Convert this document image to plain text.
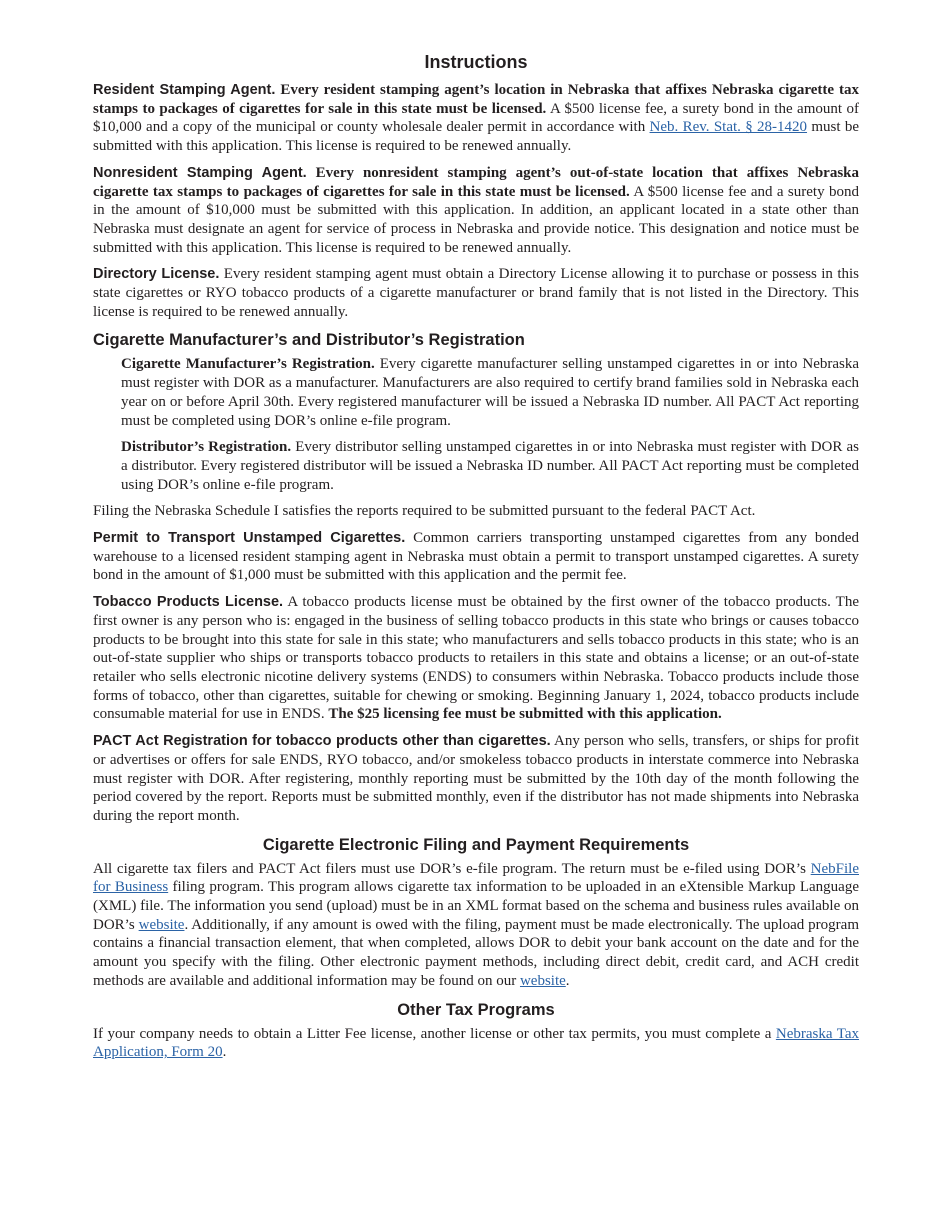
Instructions

Resident Stamping Agent. Every resident stamping agent’s location in Nebraska that affixes Nebraska cigarette tax stamps to packages of cigarettes for sale in this state must be licensed. A $500 license fee, a surety bond in the amount of $10,000 and a copy of the municipal or county wholesale dealer permit in accordance with Neb. Rev. Stat. § 28-1420 must be submitted with this application. This license is required to be renewed annually.

Nonresident Stamping Agent. Every nonresident stamping agent’s out-of-state location that affixes Nebraska cigarette tax stamps to packages of cigarettes for sale in this state must be licensed. A $500 license fee and a surety bond in the amount of $10,000 must be submitted with this application. In addition, an applicant located in a state other than Nebraska must designate an agent for service of process in Nebraska and provide notice. This designation and notice must be submitted with this application. This license is required to be renewed annually.

Directory License. Every resident stamping agent must obtain a Directory License allowing it to purchase or possess in this state cigarettes or RYO tobacco products of a cigarette manufacturer or brand family that is not listed in the Directory. This license is required to be renewed annually.

Cigarette Manufacturer’s and Distributor’s Registration

Cigarette Manufacturer’s Registration. Every cigarette manufacturer selling unstamped cigarettes in or into Nebraska must register with DOR as a manufacturer. Manufacturers are also required to certify brand families sold in Nebraska each year on or before April 30th. Every registered manufacturer will be issued a Nebraska ID number. All PACT Act reporting must be completed using DOR’s online e-file program.

Distributor’s Registration. Every distributor selling unstamped cigarettes in or into Nebraska must register with DOR as a distributor. Every registered distributor will be issued a Nebraska ID number. All PACT Act reporting must be completed using DOR’s online e-file program.

Filing the Nebraska Schedule I satisfies the reports required to be submitted pursuant to the federal PACT Act.

Permit to Transport Unstamped Cigarettes. Common carriers transporting unstamped cigarettes from any bonded warehouse to a licensed resident stamping agent in Nebraska must obtain a permit to transport unstamped cigarettes. A surety bond in the amount of $1,000 must be submitted with this application and the permit fee.

Tobacco Products License. A tobacco products license must be obtained by the first owner of the tobacco products. The first owner is any person who is: engaged in the business of selling tobacco products in this state who brings or causes tobacco products to be brought into this state for sale in this state; who manufacturers and sells tobacco products in this state; who is an out-of-state supplier who ships or transports tobacco products to retailers in this state and obtains a license; or an out-of-state retailer who sells electronic nicotine delivery systems (ENDS) to consumers within Nebraska. Tobacco products include those forms of tobacco, other than cigarettes, suitable for chewing or smoking. Beginning January 1, 2024, tobacco products include consumable material for use in ENDS. The $25 licensing fee must be submitted with this application.

PACT Act Registration for tobacco products other than cigarettes. Any person who sells, transfers, or ships for profit or advertises or offers for sale ENDS, RYO tobacco, and/or smokeless tobacco products in interstate commerce into Nebraska must register with DOR. After registering, monthly reporting must be submitted by the 10th day of the month following the period covered by the report. Reports must be submitted monthly, even if the distributor has not made shipments into Nebraska during the report month.

Cigarette Electronic Filing and Payment Requirements

All cigarette tax filers and PACT Act filers must use DOR’s e-file program. The return must be e-filed using DOR’s NebFile for Business filing program. This program allows cigarette tax information to be uploaded in an eXtensible Markup Language (XML) file. The information you send (upload) must be in an XML format based on the schema and business rules available on DOR’s website. Additionally, if any amount is owed with the filing, payment must be made electronically. The upload program contains a financial transaction element, that when completed, allows DOR to debit your bank account on the date and for the amount you specify with the filing. Other electronic payment methods, including direct debit, credit card, and ACH credit methods are available and additional information may be found on our website.

Other Tax Programs

If your company needs to obtain a Litter Fee license, another license or other tax permits, you must complete a Nebraska Tax Application, Form 20.
